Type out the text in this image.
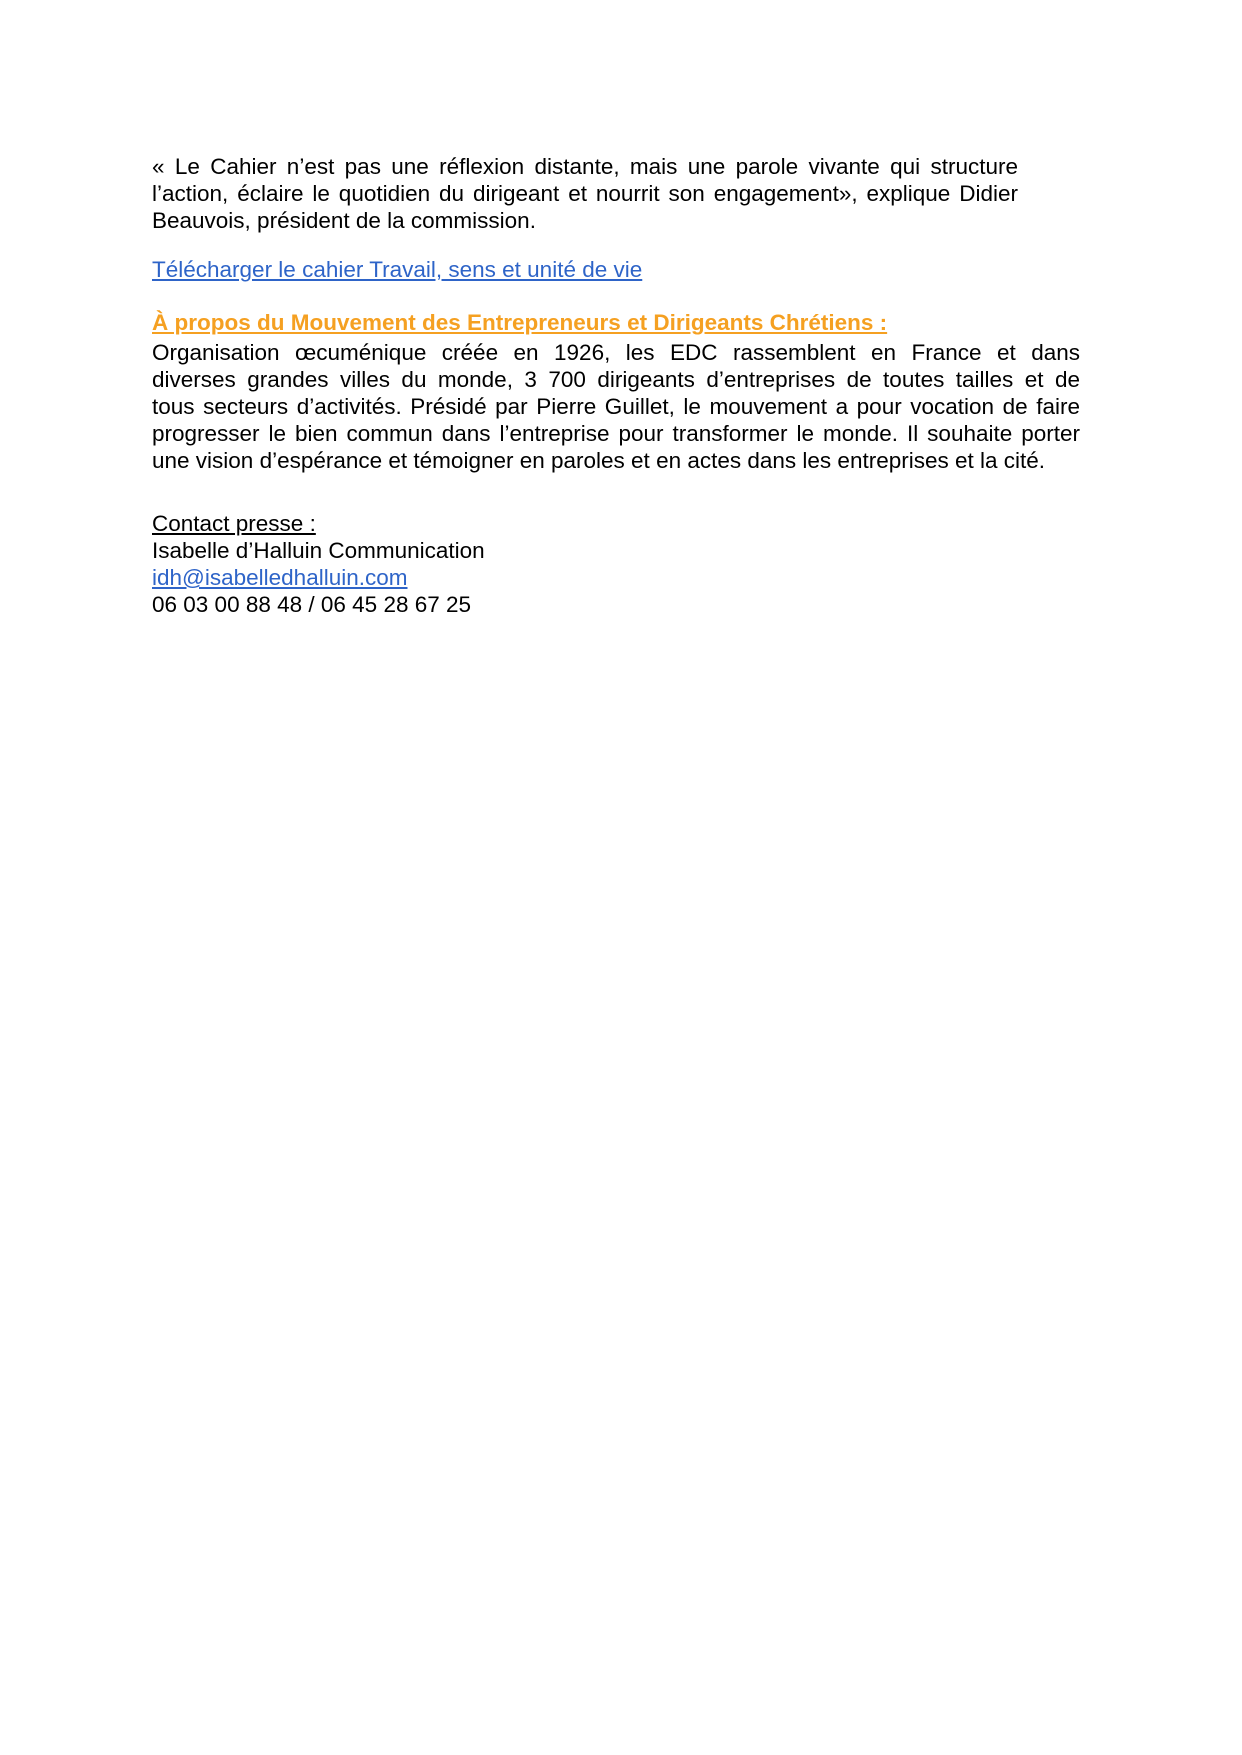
« Le Cahier n’est pas une réflexion distante, mais une parole vivante qui structure
l’action, éclaire le quotidien du dirigeant et nourrit son engagement», explique Didier
Beauvois, président de la commission.
Télécharger le cahier Travail, sens et unité de vie
À propos du Mouvement des Entrepreneurs et Dirigeants Chrétiens :
Organisation œcuménique créée en 1926, les EDC rassemblent en France et dans
diverses grandes villes du monde, 3 700 dirigeants d’entreprises de toutes tailles et de
tous secteurs d’activités. Présidé par Pierre Guillet, le mouvement a pour vocation de faire
progresser le bien commun dans l’entreprise pour transformer le monde. Il souhaite porter
une vision d’espérance et témoigner en paroles et en actes dans les entreprises et la cité.
Contact presse :
Isabelle d’Halluin Communication
idh@isabelledhalluin.com
06 03 00 88 48 / 06 45 28 67 25
